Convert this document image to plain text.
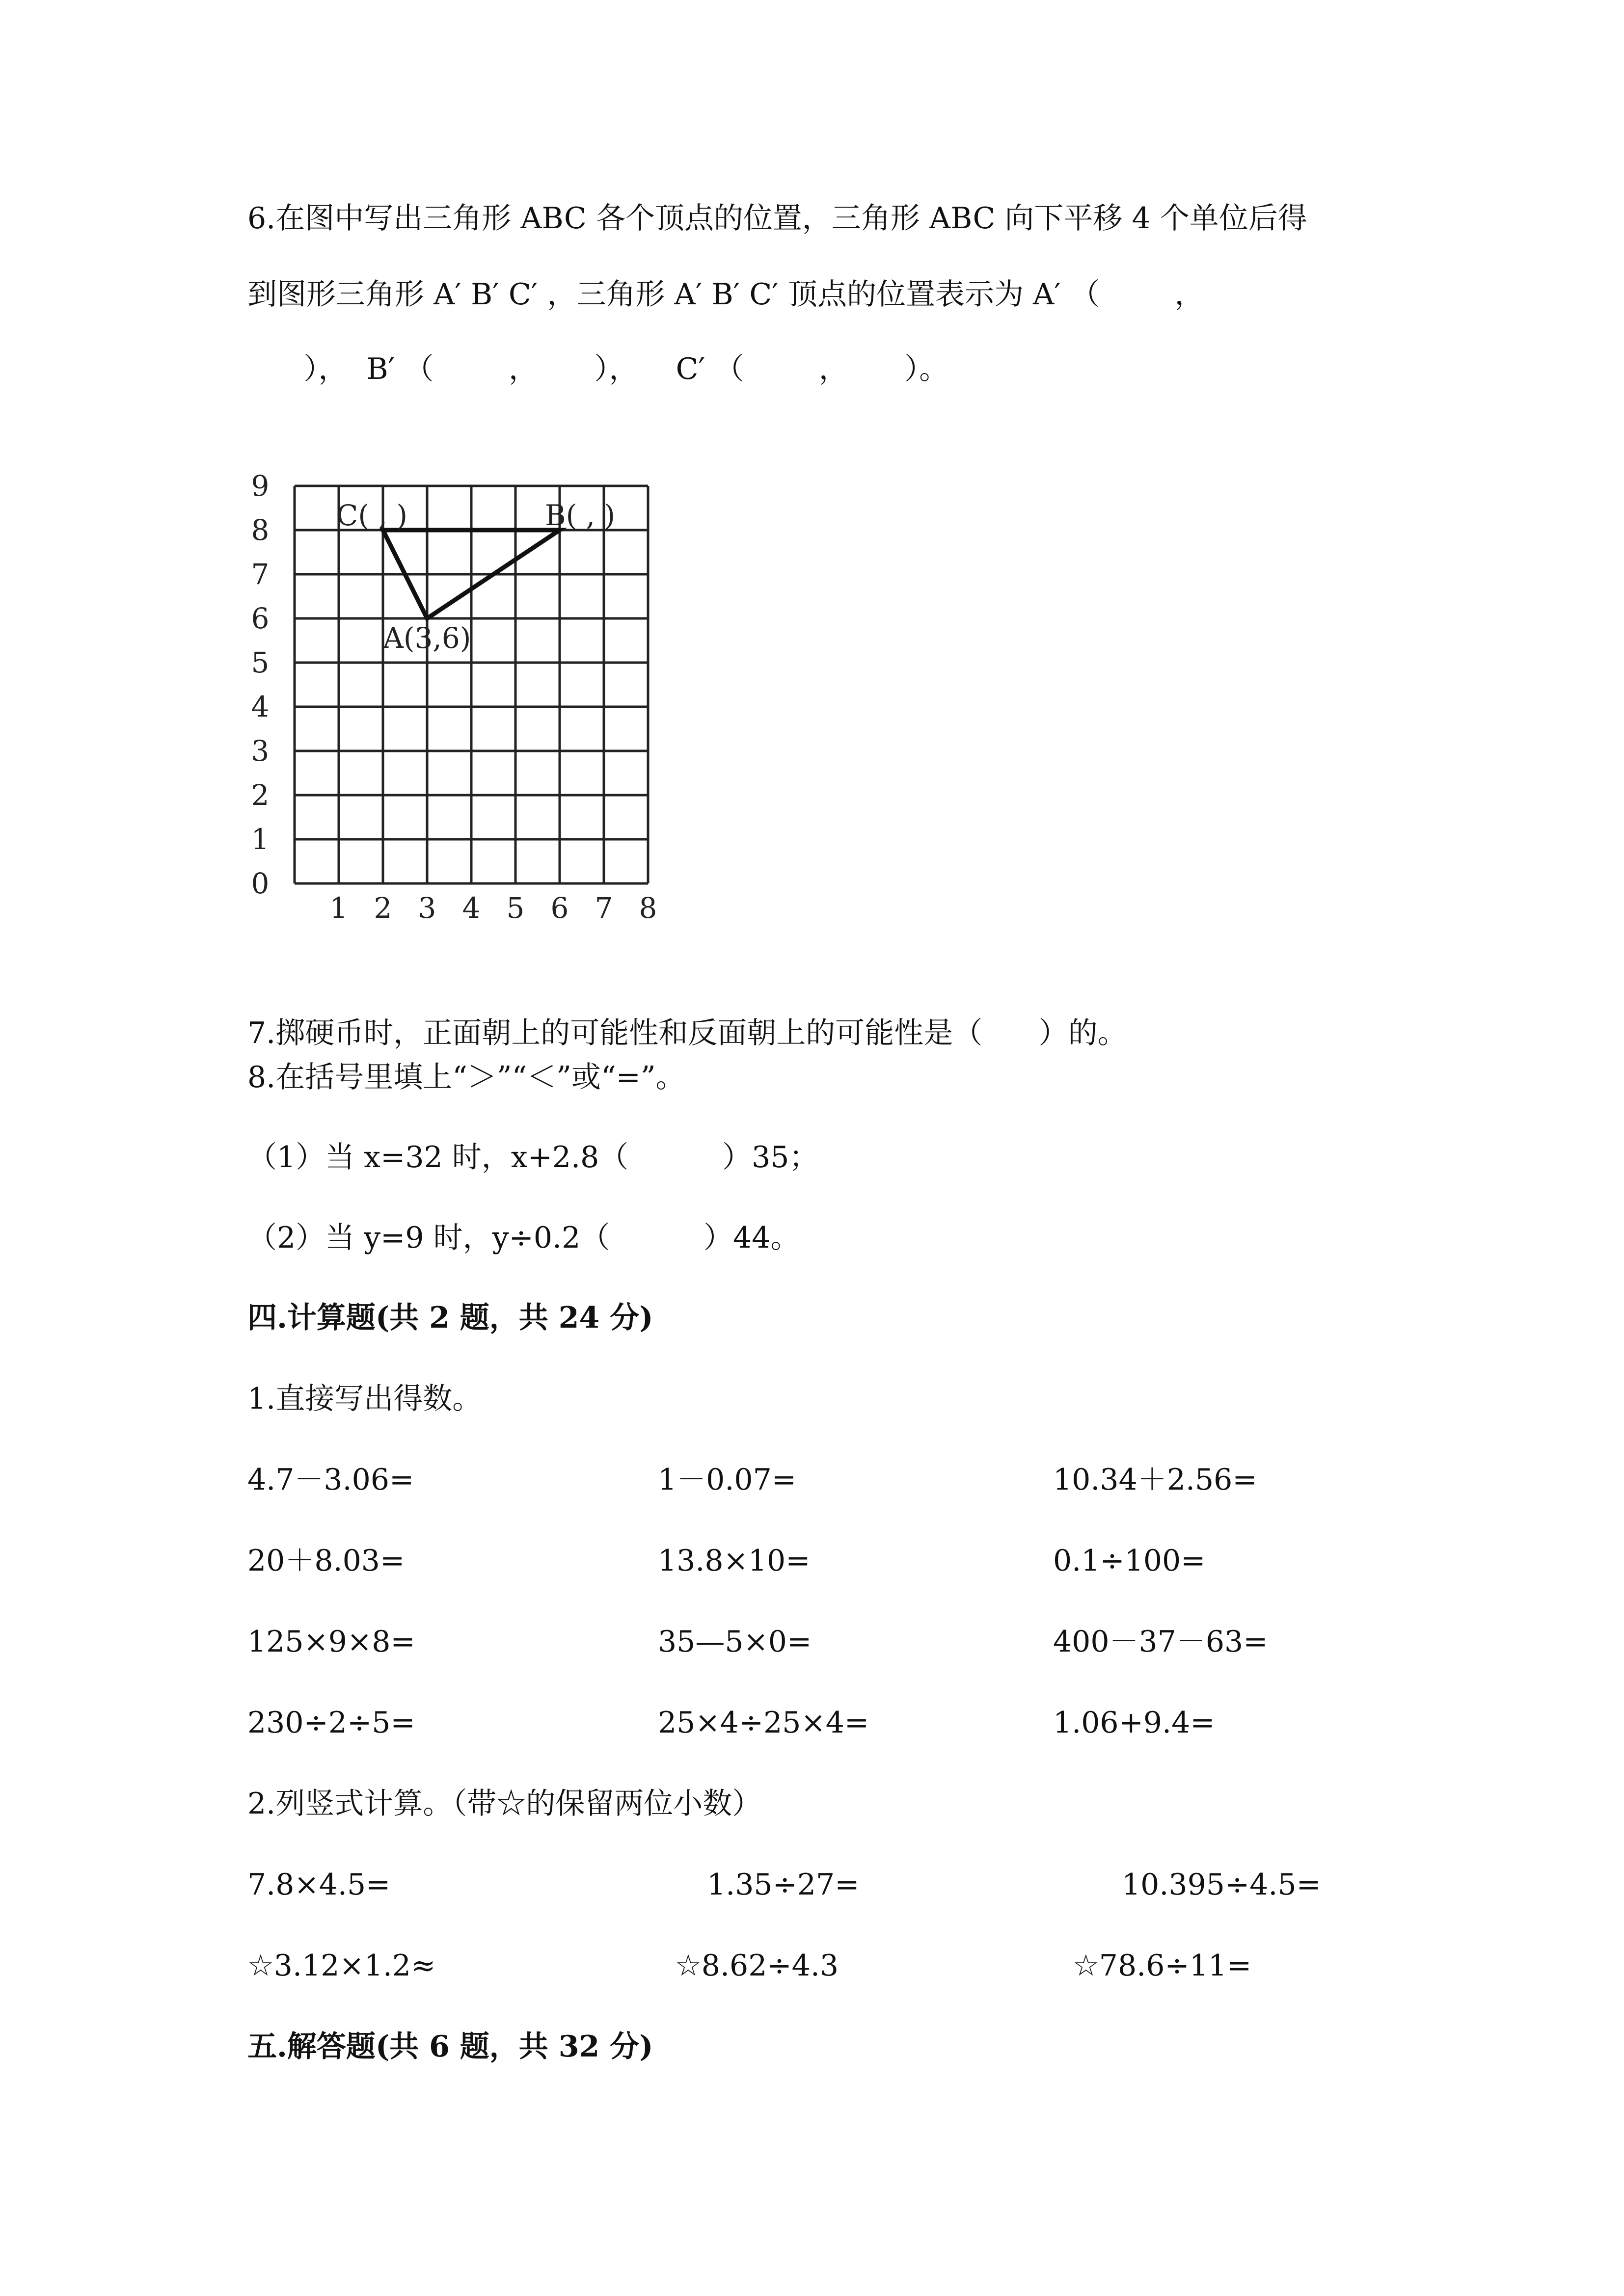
6.在图中写出三角形 ABC 各个顶点的位置，三角形 ABC 向下平移 4 个单位后得
到图形三角形 A′ B′ C′ ，三角形 A′ B′ C′ 顶点的位置表示为 A′ （        ，
），  B′ （        ，      ），    C′ （        ，      ）。
0
1
2
3
4
5
6
7
8
9
1 2 3 4 5 6 7 8
C( , )	B( , )
A(3,6)
7.掷硬币时，正面朝上的可能性和反面朝上的可能性是（      ）的。
8.在括号里填上“＞”“＜”或“=”。
（1）当 x=32 时，x+2.8（          ）35；
（2）当 y=9 时，y÷0.2（          ）44。
四.计算题(共 2 题，共 24 分)
1.直接写出得数。
4.7－3.06=	1－0.07=	10.34＋2.56=
20＋8.03=	13.8×10=	0.1÷100=
125×9×8=	35—5×0=	400－37－63=
230÷2÷5=	25×4÷25×4=	1.06+9.4=
2.列竖式计算。（带☆的保留两位小数）
7.8×4.5=	1.35÷27=	10.395÷4.5=
☆3.12×1.2≈	☆8.62÷4.3	☆78.6÷11=
五.解答题(共 6 题，共 32 分)
